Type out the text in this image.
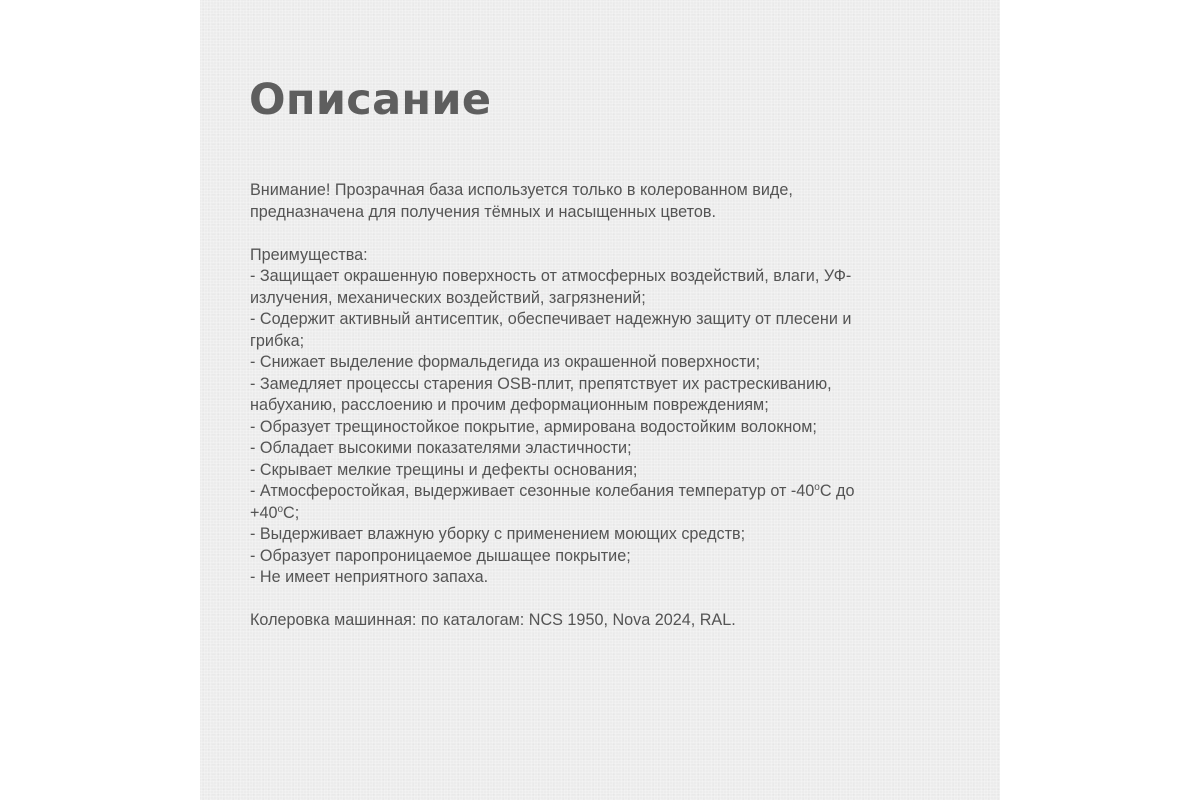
Описание

Внимание! Прозрачная база используется только в колерованном виде,
предназначена для получения тёмных и насыщенных цветов.

Преимущества:
- Защищает окрашенную поверхность от атмосферных воздействий, влаги, УФ-
излучения, механических воздействий, загрязнений;
- Содержит активный антисептик, обеспечивает надежную защиту от плесени и
грибка;
- Снижает выделение формальдегида из окрашенной поверхности;
- Замедляет процессы старения OSB-плит, препятствует их растрескиванию,
набуханию, расслоению и прочим деформационным повреждениям;
- Образует трещиностойкое покрытие, армирована водостойким волокном;
- Обладает высокими показателями эластичности;
- Скрывает мелкие трещины и дефекты основания;
- Атмосферостойкая, выдерживает сезонные колебания температур от -40$^o$С до
$+40^oС$;
- Выдерживает влажную уборку с применением моющих средств;
- Образует паропроницаемое дышащее покрытие;
- Не имеет неприятного запаха.

Колеровка машинная: по каталогам: NCS 1950, Nova 2024, RAL.
